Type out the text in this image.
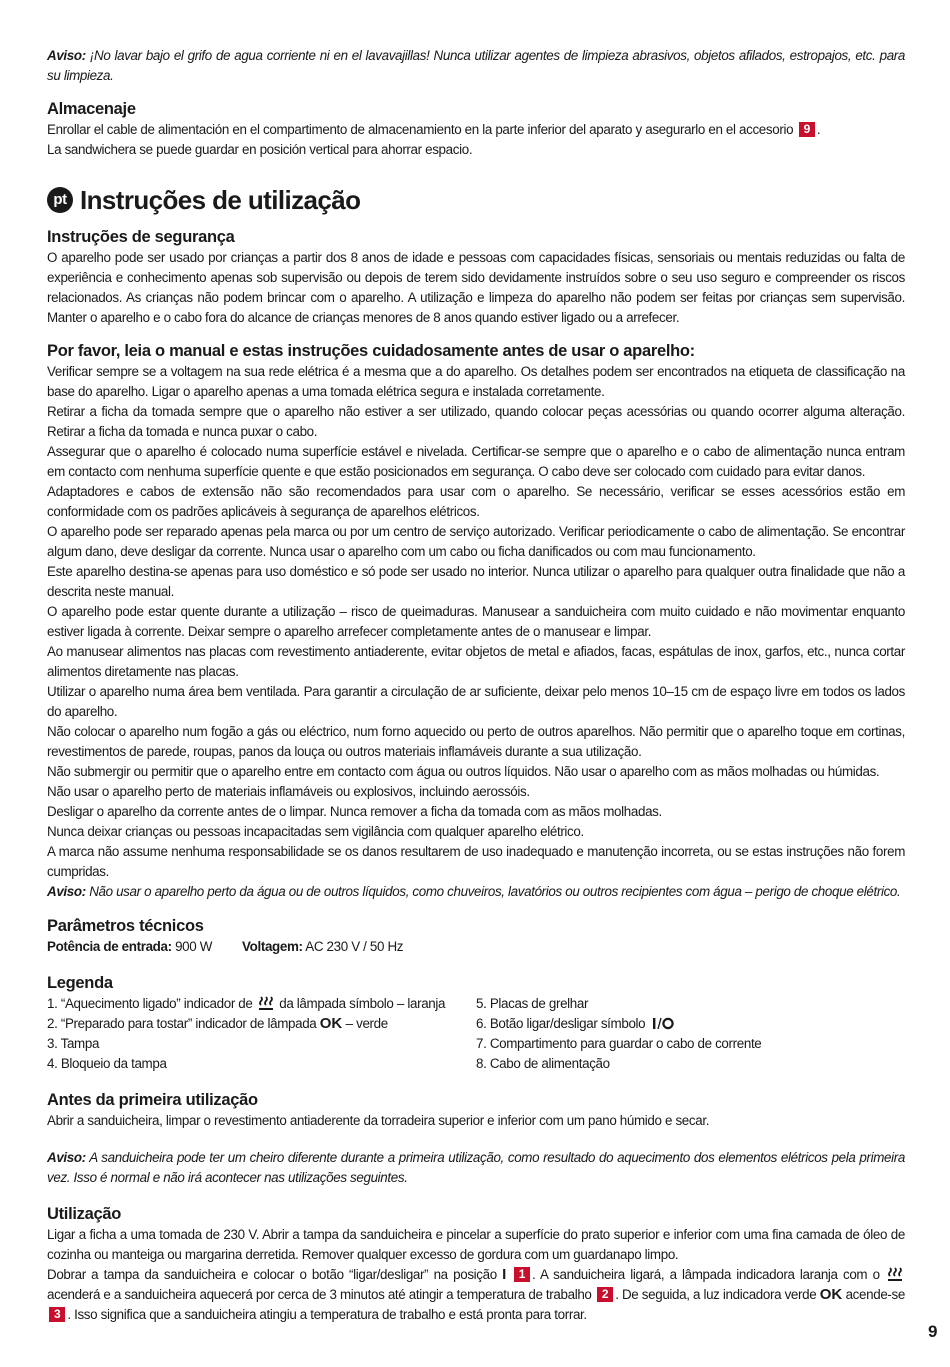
Aviso: ¡No lavar bajo el grifo de agua corriente ni en el lavavajillas! Nunca utilizar agentes de limpieza abrasivos, objetos afilados, estropajos, etc. para su limpieza.

Almacenaje

Enrollar el cable de alimentación en el compartimento de almacenamiento en la parte inferior del aparato y asegurarlo en el accesorio 9 .
La sandwichera se puede guardar en posición vertical para ahorrar espacio.

pt Instruções de utilização
Instruções de segurança

O aparelho pode ser usado por crianças a partir dos 8 anos de idade e pessoas com capacidades físicas, sensoriais ou mentais reduzidas ou falta de experiência e conhecimento apenas sob supervisão ou depois de terem sido devidamente instruídos sobre o seu uso seguro e compreender os riscos relacionados. As crianças não podem brincar com o aparelho. A utilização e limpeza do aparelho não podem ser feitas por crianças sem supervisão. Manter o aparelho e o cabo fora do alcance de crianças menores de 8 anos quando estiver ligado ou a arrefecer.

Por favor, leia o manual e estas instruções cuidadosamente antes de usar o aparelho:

Verificar sempre se a voltagem na sua rede elétrica é a mesma que a do aparelho. Os detalhes podem ser encontrados na etiqueta de classificação na base do aparelho. Ligar o aparelho apenas a uma tomada elétrica segura e instalada corretamente.

Retirar a ficha da tomada sempre que o aparelho não estiver a ser utilizado, quando colocar peças acessórias ou quando ocorrer alguma alteração. Retirar a ficha da tomada e nunca puxar o cabo.

Assegurar que o aparelho é colocado numa superfície estável e nivelada. Certificar-se sempre que o aparelho e o cabo de alimentação nunca entram em contacto com nenhuma superfície quente e que estão posicionados em segurança. O cabo deve ser colocado com cuidado para evitar danos.

Adaptadores e cabos de extensão não são recomendados para usar com o aparelho. Se necessário, verificar se esses acessórios estão em conformidade com os padrões aplicáveis à segurança de aparelhos elétricos.

O aparelho pode ser reparado apenas pela marca ou por um centro de serviço autorizado. Verificar periodicamente o cabo de alimentação. Se encontrar algum dano, deve desligar da corrente. Nunca usar o aparelho com um cabo ou ficha danificados ou com mau funcionamento.

Este aparelho destina-se apenas para uso doméstico e só pode ser usado no interior. Nunca utilizar o aparelho para qualquer outra finalidade que não a descrita neste manual.

O aparelho pode estar quente durante a utilização – risco de queimaduras. Manusear a sanduicheira com muito cuidado e não movimentar enquanto estiver ligada à corrente. Deixar sempre o aparelho arrefecer completamente antes de o manusear e limpar.

Ao manusear alimentos nas placas com revestimento antiaderente, evitar objetos de metal e afiados, facas, espátulas de inox, garfos, etc., nunca cortar alimentos diretamente nas placas.

Utilizar o aparelho numa área bem ventilada. Para garantir a circulação de ar suficiente, deixar pelo menos 10–15 cm de espaço livre em todos os lados do aparelho.

Não colocar o aparelho num fogão a gás ou eléctrico, num forno aquecido ou perto de outros aparelhos. Não permitir que o aparelho toque em cortinas, revestimentos de parede, roupas, panos da louça ou outros materiais inflamáveis durante a sua utilização.

Não submergir ou permitir que o aparelho entre em contacto com água ou outros líquidos. Não usar o aparelho com as mãos molhadas ou húmidas.

Não usar o aparelho perto de materiais inflamáveis ou explosivos, incluindo aerossóis.

Desligar o aparelho da corrente antes de o limpar. Nunca remover a ficha da tomada com as mãos molhadas.

Nunca deixar crianças ou pessoas incapacitadas sem vigilância com qualquer aparelho elétrico.

A marca não assume nenhuma responsabilidade se os danos resultarem de uso inadequado e manutenção incorreta, ou se estas instruções não forem cumpridas.

Aviso: Não usar o aparelho perto da água ou de outros líquidos, como chuveiros, lavatórios ou outros recipientes com água – perigo de choque elétrico.

Parâmetros técnicos

Potência de entrada: 900 W Voltagem: AC 230 V / 50 Hz

Legenda

1. “Aquecimento ligado” indicador de  da lâmpada símbolo – laranja

2. “Preparado para tostar” indicador de lâmpada OK – verde

3. Tampa

4. Bloqueio da tampa

5. Placas de grelhar

6. Botão ligar/desligar símbolo

7. Compartimento para guardar o cabo de corrente

8. Cabo de alimentação

Antes da primeira utilização

Abrir a sanduicheira, limpar o revestimento antiaderente da torradeira superior e inferior com um pano húmido e secar.

Aviso: A sanduicheira pode ter um cheiro diferente durante a primeira utilização, como resultado do aquecimento dos elementos elétricos pela primeira vez. Isso é normal e não irá acontecer nas utilizações seguintes.

Utilização

Ligar a ficha a uma tomada de 230 V. Abrir a tampa da sanduicheira e pincelar a superfície do prato superior e inferior com uma fina camada de óleo de cozinha ou manteiga ou margarina derretida. Remover qualquer excesso de gordura com um guardanapo limpo.

Dobrar a tampa da sanduicheira e colocar o botão “ligar/desligar” na posição I 1 . A sanduicheira ligará, a lâmpada indicadora laranja com o  acenderá e a sanduicheira aquecerá por cerca de 3 minutos até atingir a temperatura de trabalho 2 . De seguida, a luz indicadora verde OK acende-se 3 . Isso significa que a sanduicheira atingiu a temperatura de trabalho e está pronta para torrar.

9
